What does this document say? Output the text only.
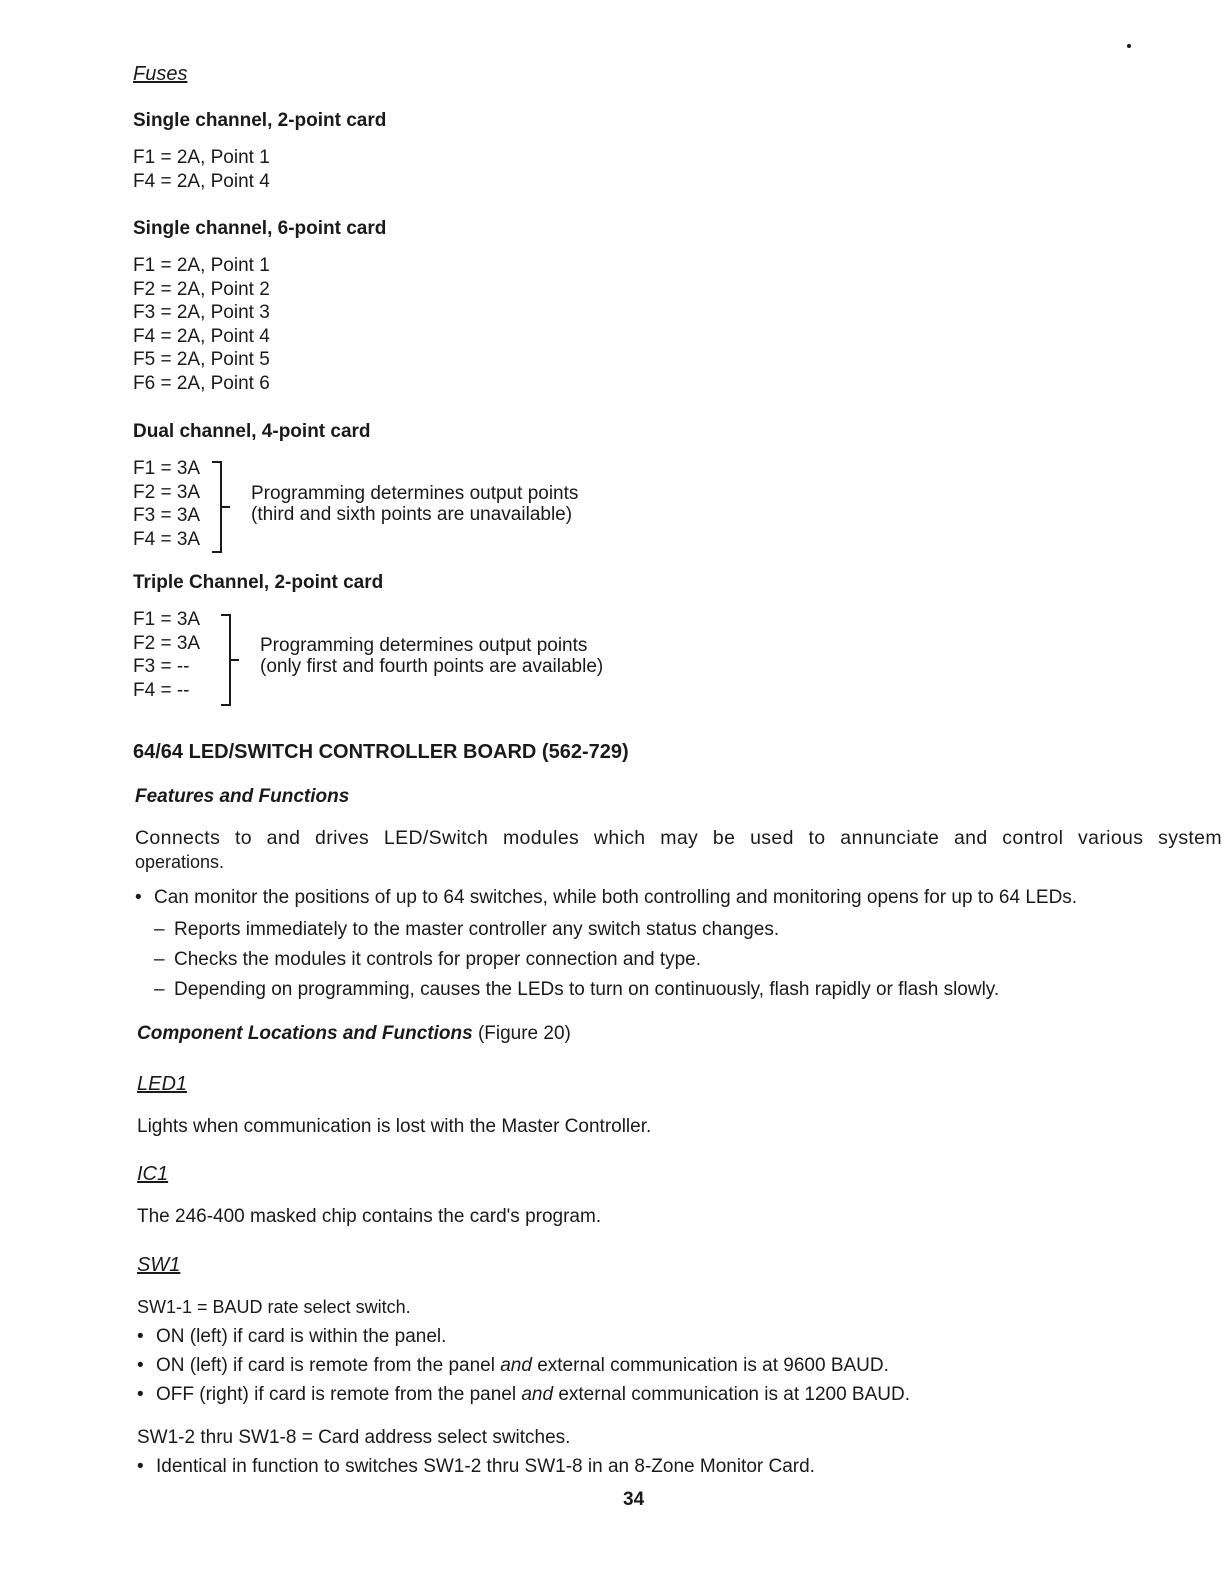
Fuses
Single channel, 2-point card
F1 = 2A, Point 1
F4 = 2A, Point 4
Single channel, 6-point card
F1 = 2A, Point 1
F2 = 2A, Point 2
F3 = 2A, Point 3
F4 = 2A, Point 4
F5 = 2A, Point 5
F6 = 2A, Point 6
Dual channel, 4-point card
F1 = 3A
F2 = 3A
F3 = 3A
F4 = 3A
Programming determines output points
(third and sixth points are unavailable)
Triple Channel, 2-point card
F1 = 3A
F2 = 3A
F3 = --
F4 = --
Programming determines output points
(only first and fourth points are available)
64/64 LED/SWITCH CONTROLLER BOARD (562-729)
Features and Functions
Connects to and drives LED/Switch modules which may be used to annunciate and control various system
operations.
• Can monitor the positions of up to 64 switches, while both controlling and monitoring opens for up to 64 LEDs.
– Reports immediately to the master controller any switch status changes.
– Checks the modules it controls for proper connection and type.
– Depending on programming, causes the LEDs to turn on continuously, flash rapidly or flash slowly.
Component Locations and Functions (Figure 20)
LED1
Lights when communication is lost with the Master Controller.
IC1
The 246-400 masked chip contains the card's program.
SW1
SW1-1 = BAUD rate select switch.
• ON (left) if card is within the panel.
• ON (left) if card is remote from the panel and external communication is at 9600 BAUD.
• OFF (right) if card is remote from the panel and external communication is at 1200 BAUD.
SW1-2 thru SW1-8 = Card address select switches.
• Identical in function to switches SW1-2 thru SW1-8 in an 8-Zone Monitor Card.
34
